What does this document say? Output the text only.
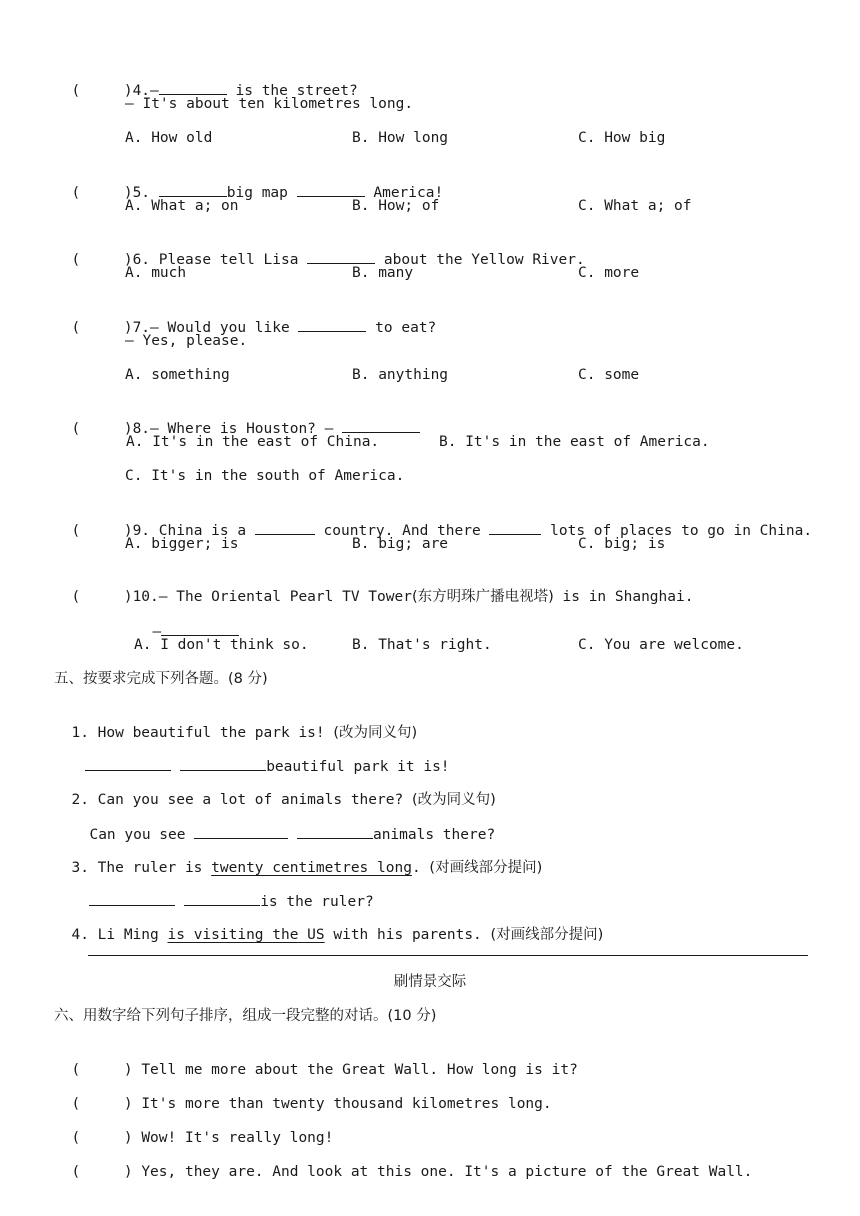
(     )4.—	is the street?

— It's about ten kilometres long.
A. How old	B. How long	C. How big

(     )5.	big map	America!

A. What a; on	B. How; of	C. What a; of

(     )6. Please tell Lisa	about the Yellow River.

A. much	B. many	C. more

(     )7.— Would you like	to eat?

— Yes, please.
A. something	B. anything	C. some

(     )8.— Where is Houston? —

A. It's in the east of China.	B. It's in the east of America.
C. It's in the south of America.

(     )9. China is a	country. And there	lots of places to go in China.

A. bigger; is	B. big; are	C. big; is

(     )10.— The Oriental Pearl TV Tower(东方明珠广播电视塔) is in Shanghai.

—

A. I don't think so.	B. That's right.	C. You are welcome.
五、按要求完成下列各题。(8 分)

1. How beautiful the park is! (改为同义句)

beautiful park it is!

2. Can you see a lot of animals there? (改为同义句)

Can you see	animals there?

3. The ruler is twenty centimetres long. (对画线部分提问)

is the ruler?

4. Li Ming is visiting the US with his parents. (对画线部分提问)

刷情景交际
六、用数字给下列句子排序，组成一段完整的对话。(10 分)

(     ) Tell me more about the Great Wall. How long is it?

(     ) It's more than twenty thousand kilometres long.

(     ) Wow! It's really long!

(     ) Yes, they are. And look at this one. It's a picture of the Great Wall.
